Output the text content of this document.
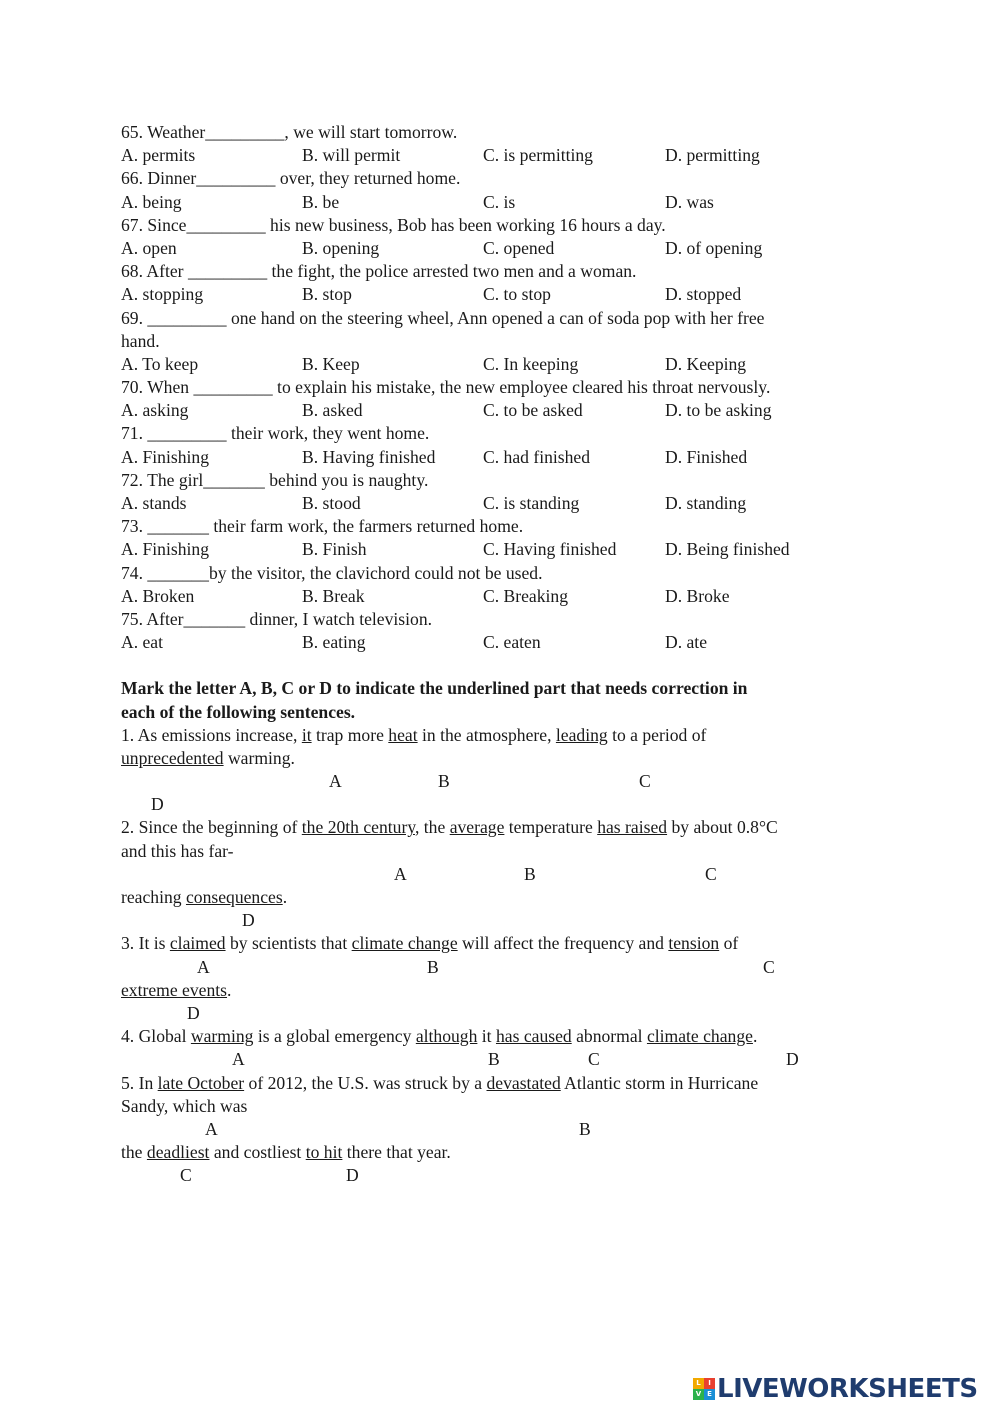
65. Weather_________, we will start tomorrow.
A. permits	B. will permit	C. is permitting	D. permitting
66. Dinner_________ over, they returned home.
A. being	B. be	C. is	D. was
67. Since_________ his new business, Bob has been working 16 hours a day.
A. open	B. opening	C. opened	D. of opening
68. After _________ the fight, the police arrested two men and a woman.
A. stopping	B. stop	C. to stop	D. stopped
69. _________ one hand on the steering wheel, Ann opened a can of soda pop with her free
hand.
A. To keep	B. Keep	C. In keeping	D. Keeping
70. When _________ to explain his mistake, the new employee cleared his throat nervously.
A. asking	B. asked	C. to be asked	D. to be asking
71. _________ their work, they went home.
A. Finishing	B. Having finished	C. had finished	D. Finished
72. The girl_______ behind you is naughty.
A. stands	B. stood	C. is standing	D. standing
73. _______ their farm work, the farmers returned home.
A. Finishing	B. Finish	C. Having finished	D. Being finished
74. _______by the visitor, the clavichord could not be used.
A. Broken	B. Break	C. Breaking	D. Broke
75. After_______ dinner, I watch television.
A. eat	B. eating	C. eaten	D. ate
Mark the letter A, B, C or D to indicate the underlined part that needs correction in
each of the following sentences.
1. As emissions increase, it trap more heat in the atmosphere, leading to a period of
unprecedented warming.
A	B	C
D
2. Since the beginning of the 20th century, the average temperature has raised by about 0.8°C
and this has far-
A	B	C
reaching consequences.
D
3. It is claimed by scientists that climate change will affect the frequency and tension of
A	B	C
extreme events.
D
4. Global warming is a global emergency although it has caused abnormal climate change.
A	B	C	D
5. In late October of 2012, the U.S. was struck by a devastated Atlantic storm in Hurricane
Sandy, which was
A	B
the deadliest and costliest to hit there that year.
C	D
L	I
V E LIVEWORKSHEETS
